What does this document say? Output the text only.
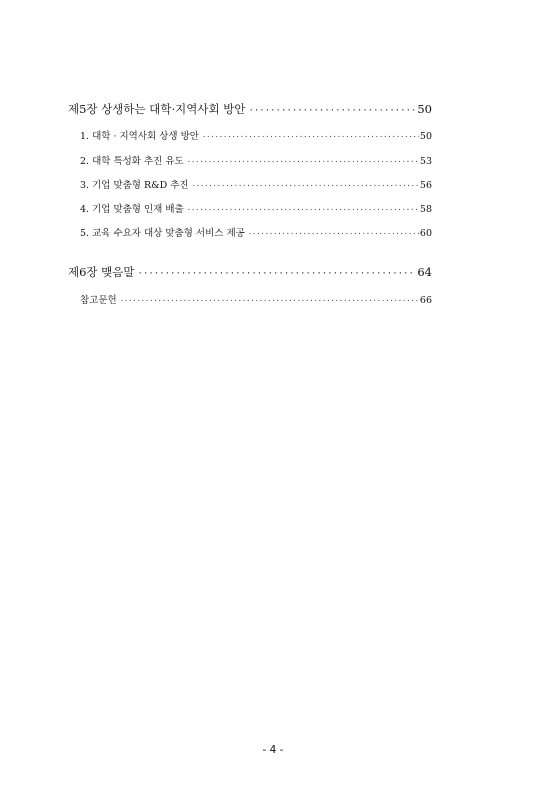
제5장 상생하는 대학·지역사회 방안 ·····	50
1. 대학 · 지역사회 상생 방안 ·····	50
2. 대학 특성화 추진 유도 ·····	53
3. 기업 맞춤형 R&D 추진 ·····	56
4. 기업 맞춤형 인재 배출 ·····	58
5. 교육 수요자 대상 맞춤형 서비스 제공 ·····	60
제6장 맺음말 ·····	64
참고문헌 ·····	66
- 4 -
